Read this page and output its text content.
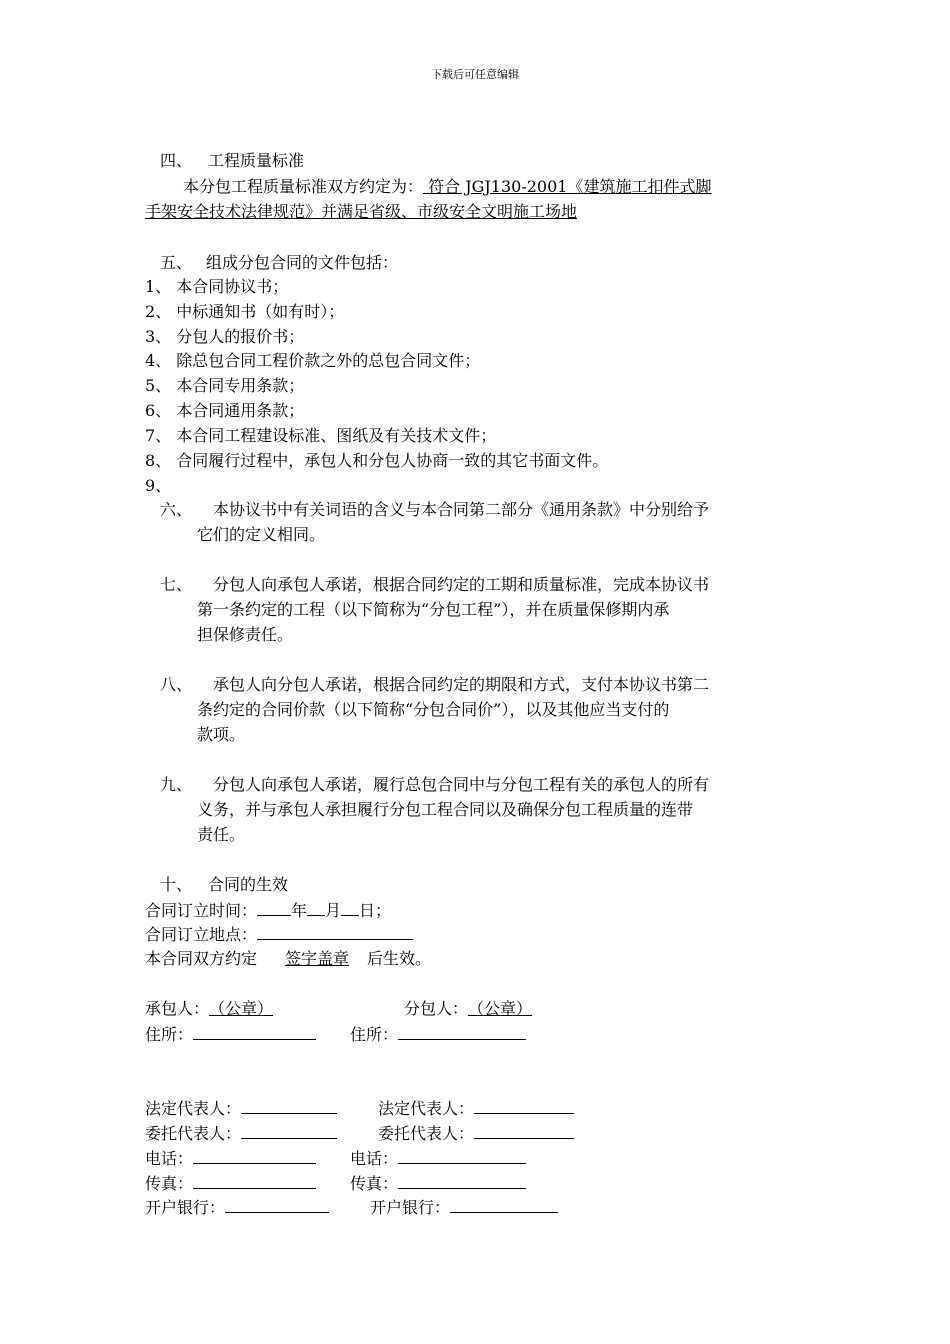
下载后可任意编辑
四、 工程质量标准
本分包工程质量标准双方约定为： 符合 JGJ130-2001《建筑施工扣件式脚
手架安全技术法律规范》并满足省级、市级安全文明施工场地
五、 组成分包合同的文件包括：
1、 本合同协议书；
2、 中标通知书（如有时）；
3、 分包人的报价书；
4、 除总包合同工程价款之外的总包合同文件；
5、 本合同专用条款；
6、 本合同通用条款；
7、 本合同工程建设标准、图纸及有关技术文件；
8、 合同履行过程中，承包人和分包人协商一致的其它书面文件。
9、
六、 本协议书中有关词语的含义与本合同第二部分《通用条款》中分别给予
它们的定义相同。
七、 分包人向承包人承诺，根据合同约定的工期和质量标准，完成本协议书
第一条约定的工程（以下简称为“分包工程”），并在质量保修期内承
担保修责任。
八、 承包人向分包人承诺，根据合同约定的期限和方式，支付本协议书第二
条约定的合同价款（以下简称“分包合同价”），以及其他应当支付的
款项。
九、 分包人向承包人承诺，履行总包合同中与分包工程有关的承包人的所有
义务，并与承包人承担履行分包工程合同以及确保分包工程质量的连带
责任。
十、 合同的生效
合同订立时间： 年 月 日；
合同订立地点：
本合同双方约定 签字盖章 后生效。
承包人：（公章）	分包人：（公章）
住所：	住所：
法定代表人：	法定代表人：
委托代表人：	委托代表人：
电话：	电话：
传真：	传真：
开户银行：	开户银行：
